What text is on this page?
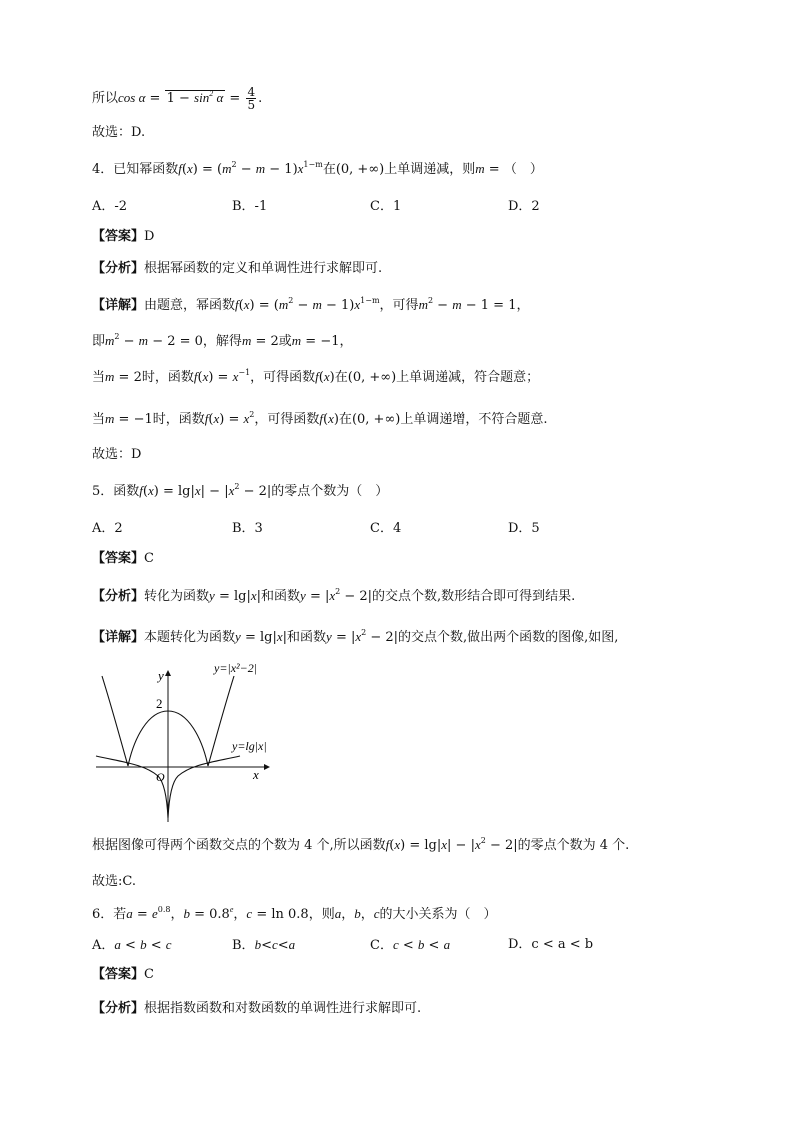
所以$\cos \alpha = 1 - \sin^2 \alpha = \frac{4}{5}$ .
故选：D.
4．已知幂函数$f(x) = (m^2 - m - 1)x^{1-m}$在(0, +∞)上单调递减，则m = （　）
A．-2	B．-1	C．1	D．2
【答案】D
【分析】根据幂函数的定义和单调性进行求解即可.
【详解】由题意，幂函数$f(x) = (m^2 - m - 1)x^{1-m}$，可得$m^2 - m - 1 = 1$，
即$m^2 - m - 2 = 0$，解得m = 2或m = −1，
当m = 2时，函数$f(x) = x^{-1}$，可得函数f(x)在(0, +∞)上单调递减，符合题意；
当m = −1时，函数$f(x) = x^2$，可得函数f(x)在(0, +∞)上单调递增，不符合题意.
故选：D
5．函数$f(x) = \lg|x| - |x^2 - 2|$的零点个数为（　）
A．2	B．3	C．4	D．5
【答案】C
【分析】转化为函数y = lg|x|和函数$y = |x^2 - 2|$的交点个数,数形结合即可得到结果.
【详解】本题转化为函数y = lg|x|和函数$y = |x^2 - 2|$的交点个数,做出两个函数的图像,如图,
y=|x²−2|
y=lg|x|
y
x
O
2
根据图像可得两个函数交点的个数为 4 个,所以函数$f(x) = \lg|x| - |x^2 - 2|$的零点个数为 4 个.
故选:C.
6．若$a = e^{0.8}$，b = 0.8$^e$，c = ln 0.8，则a，b，c的大小关系为（　）
A．a < b < c	B．b<c<a	C．c < b < a	D．c < a < b
【答案】C
【分析】根据指数函数和对数函数的单调性进行求解即可.
